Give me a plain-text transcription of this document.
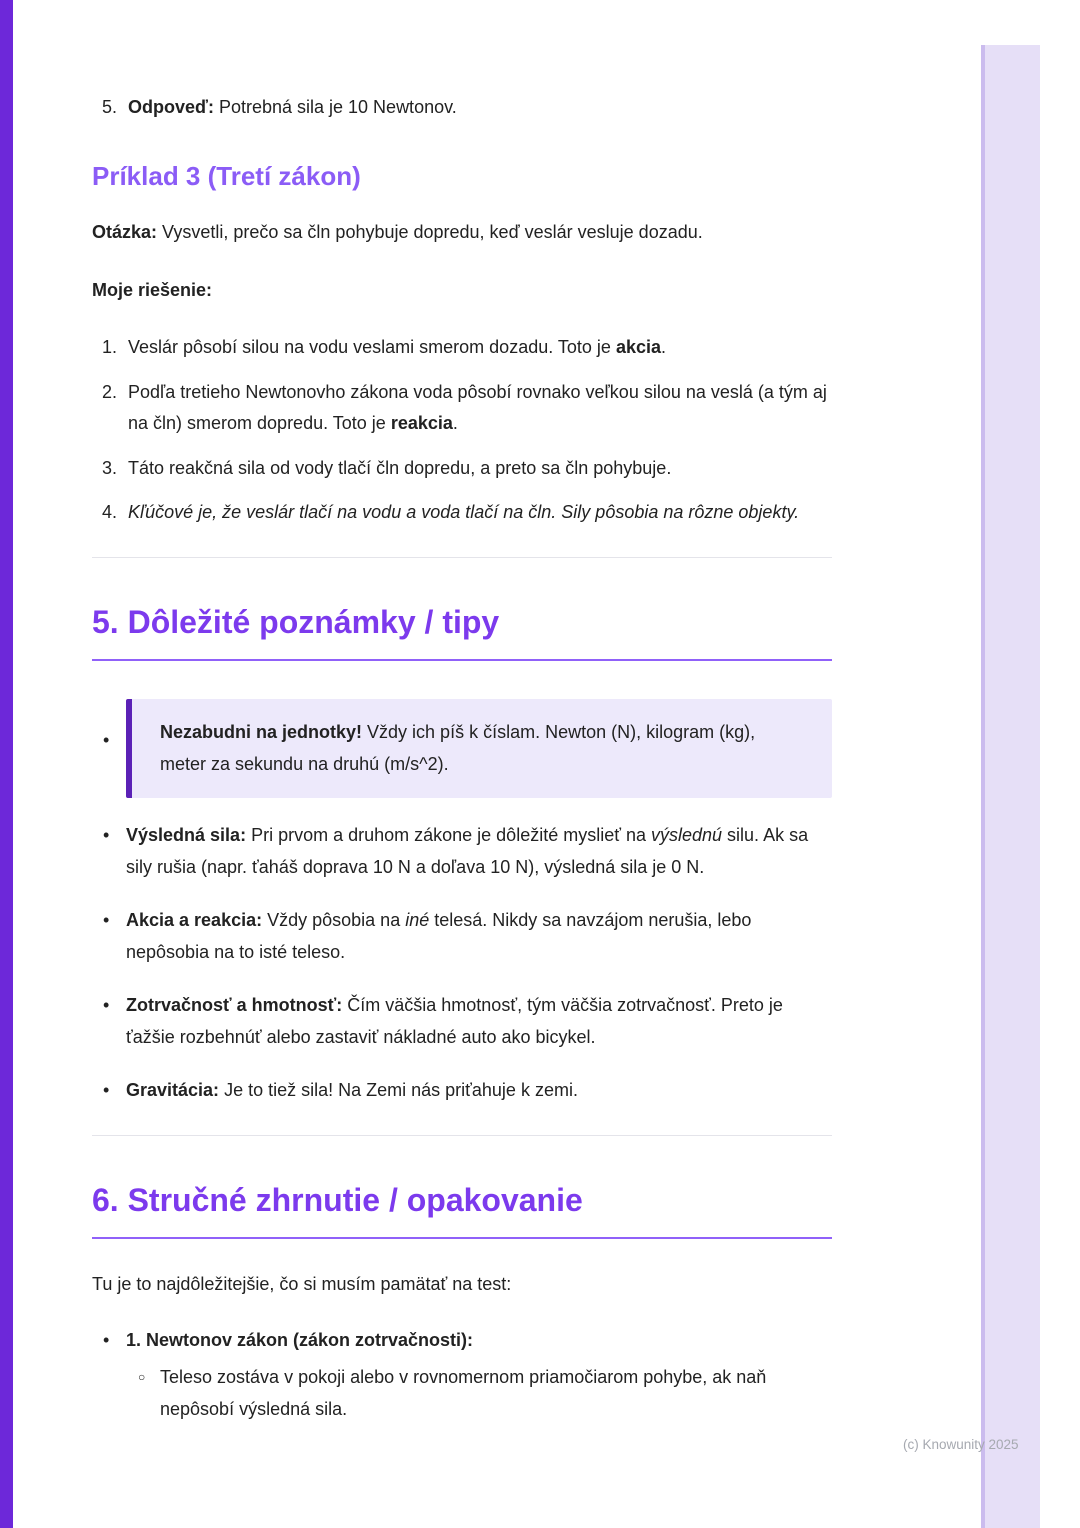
5. Odpoveď: Potrebná sila je 10 Newtonov.
Príklad 3 (Tretí zákon)

Otázka: Vysvetli, prečo sa čln pohybuje dopredu, keď veslár vesluje dozadu.

Moje riešenie:

1. Veslár pôsobí silou na vodu veslami smerom dozadu. Toto je akcia.
2. Podľa tretieho Newtonovho zákona voda pôsobí rovnako veľkou silou na veslá (a tým aj na čln) smerom dopredu. Toto je reakcia.
3. Táto reakčná sila od vody tlačí čln dopredu, a preto sa čln pohybuje.
4. Kľúčové je, že veslár tlačí na vodu a voda tlačí na čln. Sily pôsobia na rôzne objekty.
5. Dôležité poznámky / tipy
• Nezabudni na jednotky! Vždy ich píš k číslam. Newton (N), kilogram (kg), meter za sekundu na druhú (m/s^2).
• Výsledná sila: Pri prvom a druhom zákone je dôležité myslieť na výslednú silu. Ak sa sily rušia (napr. ťaháš doprava 10 N a doľava 10 N), výsledná sila je 0 N.
• Akcia a reakcia: Vždy pôsobia na iné telesá. Nikdy sa navzájom nerušia, lebo nepôsobia na to isté teleso.
• Zotrvačnosť a hmotnosť: Čím väčšia hmotnosť, tým väčšia zotrvačnosť. Preto je ťažšie rozbehnúť alebo zastaviť nákladné auto ako bicykel.
• Gravitácia: Je to tiež sila! Na Zemi nás priťahuje k zemi.
6. Stručné zhrnutie / opakovanie

Tu je to najdôležitejšie, čo si musím pamätať na test:

• 1. Newtonov zákon (zákon zotrvačnosti):
○ Teleso zostáva v pokoji alebo v rovnomernom priamočiarom pohybe, ak naň nepôsobí výsledná sila.
(c) Knowunity 2025
